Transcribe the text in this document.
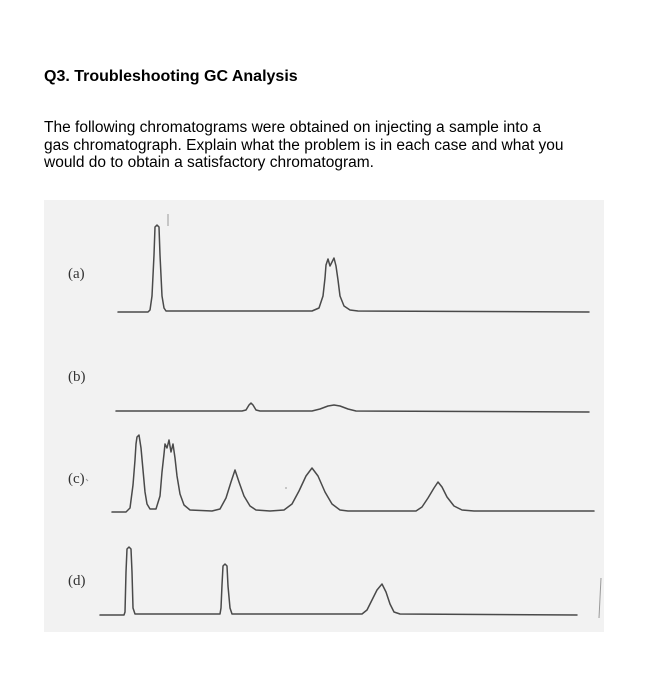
Q3. Troubleshooting GC Analysis

The following chromatograms were obtained on injecting a sample into a
gas chromatograph. Explain what the problem is in each case and what you
would do to obtain a satisfactory chromatogram.

(a)
(b)
(c)
(d)
